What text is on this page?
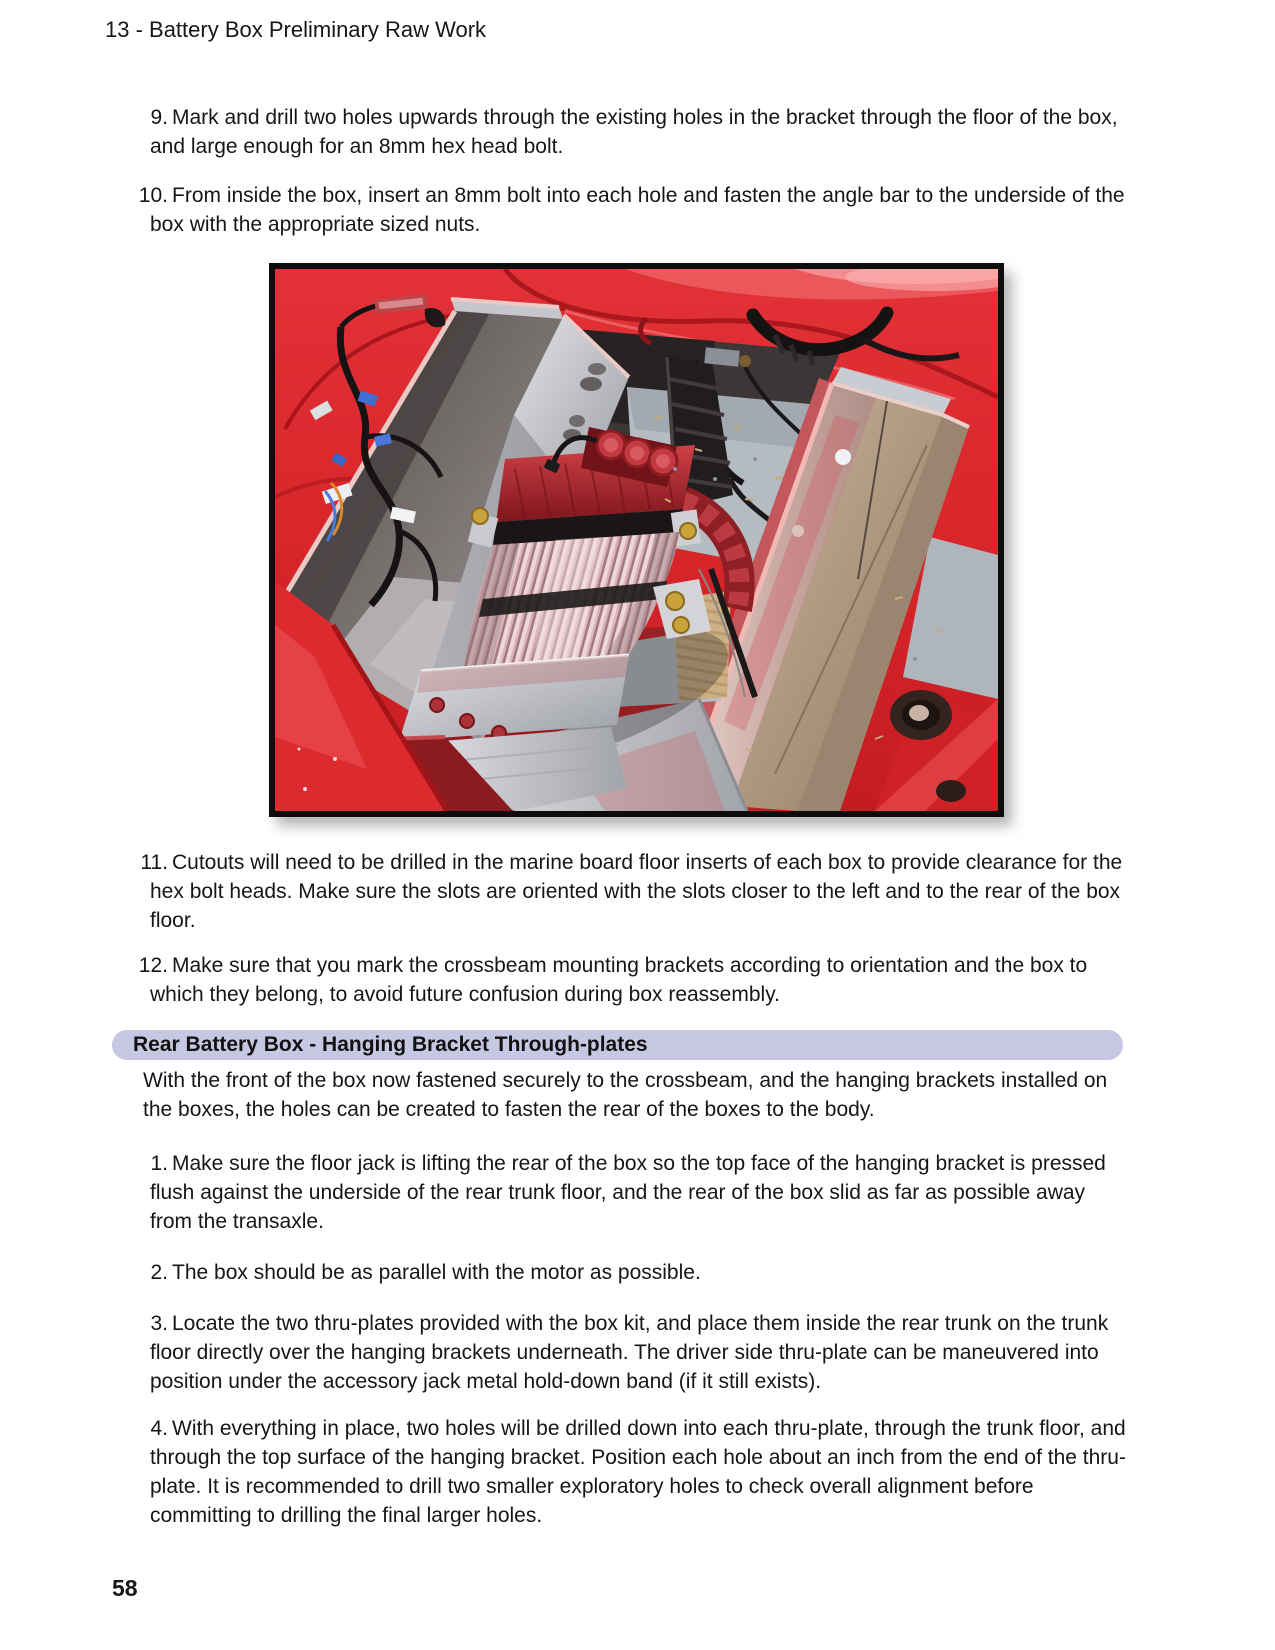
13 - Battery Box Preliminary Raw Work
9. Mark and drill two holes upwards through the existing holes in the bracket through the floor of the box, and large enough for an 8mm hex head bolt.
10. From inside the box, insert an 8mm bolt into each hole and fasten the angle bar to the underside of the box with the appropriate sized nuts.
11. Cutouts will need to be drilled in the marine board floor inserts of each box to provide clearance for the hex bolt heads. Make sure the slots are oriented with the slots closer to the left and to the rear of the box floor.
12. Make sure that you mark the crossbeam mounting brackets according to orientation and the box to which they belong, to avoid future confusion during box reassembly.
Rear Battery Box - Hanging Bracket Through-plates
With the front of the box now fastened securely to the crossbeam, and the hanging brackets installed on the boxes, the holes can be created to fasten the rear of the boxes to the body.
1. Make sure the floor jack is lifting the rear of the box so the top face of the hanging bracket is pressed flush against the underside of the rear trunk floor, and the rear of the box slid as far as possible away from the transaxle.
2. The box should be as parallel with the motor as possible.
3. Locate the two thru-plates provided with the box kit, and place them inside the rear trunk on the trunk floor directly over the hanging brackets underneath. The driver side thru-plate can be maneuvered into position under the accessory jack metal hold-down band (if it still exists).
4. With everything in place, two holes will be drilled down into each thru-plate, through the trunk floor, and through the top surface of the hanging bracket. Position each hole about an inch from the end of the thru-plate. It is recommended to drill two smaller exploratory holes to check overall alignment before committing to drilling the final larger holes.
58
